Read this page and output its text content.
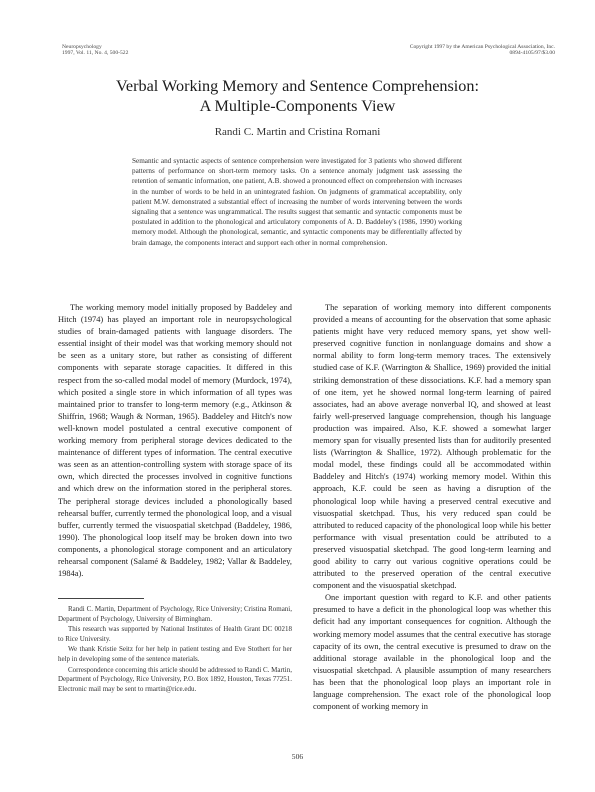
Neuropsychology
1997, Vol. 11, No. 4, 500-522
Copyright 1997 by the American Psychological Association, Inc.
0894-4105/97/$3.00
Verbal Working Memory and Sentence Comprehension:
A Multiple-Components View
Randi C. Martin and Cristina Romani
Semantic and syntactic aspects of sentence comprehension were investigated for 3 patients who showed different patterns of performance on short-term memory tasks. On a sentence anomaly judgment task assessing the retention of semantic information, one patient, A.B. showed a pronounced effect on comprehension with increases in the number of words to be held in an unintegrated fashion. On judgments of grammatical acceptability, only patient M.W. demonstrated a substantial effect of increasing the number of words intervening between the words signaling that a sentence was ungrammatical. The results suggest that semantic and syntactic components must be postulated in addition to the phonological and articulatory components of A. D. Baddeley's (1986, 1990) working memory model. Although the phonological, semantic, and syntactic components may be differentially affected by brain damage, the components interact and support each other in normal comprehension.

The working memory model initially proposed by Baddeley and Hitch (1974) has played an important role in neuropsychological studies of brain-damaged patients with language disorders. The essential insight of their model was that working memory should not be seen as a unitary store, but rather as consisting of different components with separate storage capacities. It differed in this respect from the so-called modal model of memory (Murdock, 1974), which posited a single store in which information of all types was maintained prior to transfer to long-term memory (e.g., Atkinson & Shiffrin, 1968; Waugh & Norman, 1965). Baddeley and Hitch's now well-known model postulated a central executive component of working memory from peripheral storage devices dedicated to the maintenance of different types of information. The central executive was seen as an attention-controlling system with storage space of its own, which directed the processes involved in cognitive functions and which drew on the information stored in the peripheral stores. The peripheral storage devices included a phonologically based rehearsal buffer, currently termed the phonological loop, and a visual buffer, currently termed the visuospatial sketchpad (Baddeley, 1986, 1990). The phonological loop itself may be broken down into two components, a phonological storage component and an articulatory rehearsal component (Salamé & Baddeley, 1982; Vallar & Baddeley, 1984a).

Randi C. Martin, Department of Psychology, Rice University; Cristina Romani, Department of Psychology, University of Birmingham.

This research was supported by National Institutes of Health Grant DC 00218 to Rice University.

We thank Kristie Seitz for her help in patient testing and Eve Stothert for her help in developing some of the sentence materials.

Correspondence concerning this article should be addressed to Randi C. Martin, Department of Psychology, Rice University, P.O. Box 1892, Houston, Texas 77251. Electronic mail may be sent to rmartin@rice.edu.

The separation of working memory into different components provided a means of accounting for the observation that some aphasic patients might have very reduced memory spans, yet show well-preserved cognitive function in nonlanguage domains and show a normal ability to form long-term memory traces. The extensively studied case of K.F. (Warrington & Shallice, 1969) provided the initial striking demonstration of these dissociations. K.F. had a memory span of one item, yet he showed normal long-term learning of paired associates, had an above average nonverbal IQ, and showed at least fairly well-preserved language comprehension, though his language production was impaired. Also, K.F. showed a somewhat larger memory span for visually presented lists than for auditorily presented lists (Warrington & Shallice, 1972). Although problematic for the modal model, these findings could all be accommodated within Baddeley and Hitch's (1974) working memory model. Within this approach, K.F. could be seen as having a disruption of the phonological loop while having a preserved central executive and visuospatial sketchpad. Thus, his very reduced span could be attributed to reduced capacity of the phonological loop while his better performance with visual presentation could be attributed to a preserved visuospatial sketchpad. The good long-term learning and good ability to carry out various cognitive operations could be attributed to the preserved operation of the central executive component and the visuospatial sketchpad.

One important question with regard to K.F. and other patients presumed to have a deficit in the phonological loop was whether this deficit had any important consequences for cognition. Although the working memory model assumes that the central executive has storage capacity of its own, the central executive is presumed to draw on the additional storage available in the phonological loop and the visuospatial sketchpad. A plausible assumption of many researchers has been that the phonological loop plays an important role in language comprehension. The exact role of the phonological loop component of working memory in

506
